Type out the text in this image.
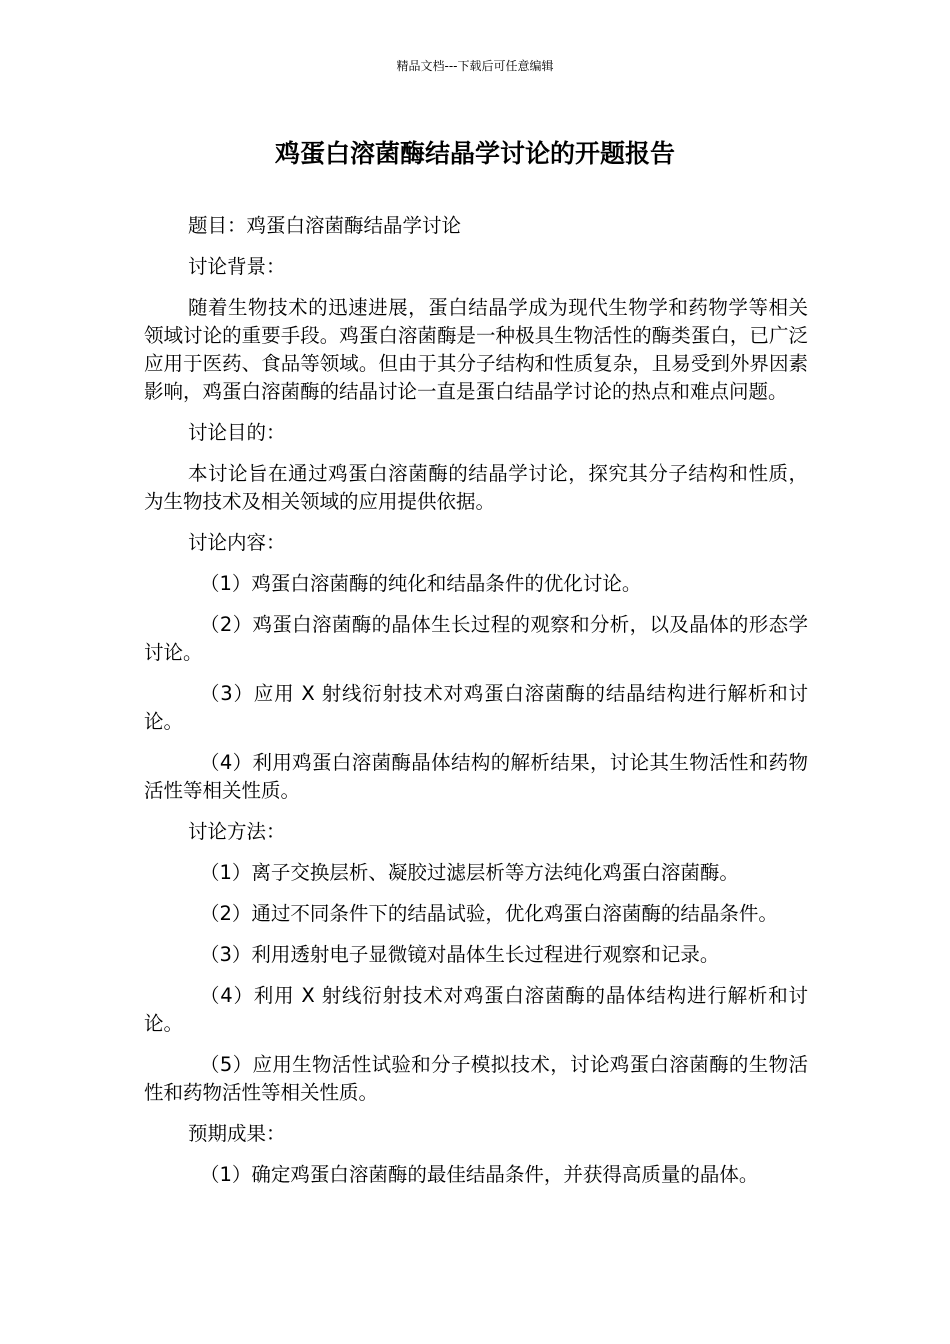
精品文档---下载后可任意编辑
鸡蛋白溶菌酶结晶学讨论的开题报告

题目：鸡蛋白溶菌酶结晶学讨论

讨论背景：

随着生物技术的迅速进展，蛋白结晶学成为现代生物学和药物学等相关领域讨论的重要手段。鸡蛋白溶菌酶是一种极具生物活性的酶类蛋白，已广泛应用于医药、食品等领域。但由于其分子结构和性质复杂，且易受到外界因素影响，鸡蛋白溶菌酶的结晶讨论一直是蛋白结晶学讨论的热点和难点问题。

讨论目的：

本讨论旨在通过鸡蛋白溶菌酶的结晶学讨论，探究其分子结构和性质，为生物技术及相关领域的应用提供依据。

讨论内容：

（1）鸡蛋白溶菌酶的纯化和结晶条件的优化讨论。

（2）鸡蛋白溶菌酶的晶体生长过程的观察和分析，以及晶体的形态学讨论。

（3）应用 X 射线衍射技术对鸡蛋白溶菌酶的结晶结构进行解析和讨论。

（4）利用鸡蛋白溶菌酶晶体结构的解析结果，讨论其生物活性和药物活性等相关性质。

讨论方法：

（1）离子交换层析、凝胶过滤层析等方法纯化鸡蛋白溶菌酶。

（2）通过不同条件下的结晶试验，优化鸡蛋白溶菌酶的结晶条件。

（3）利用透射电子显微镜对晶体生长过程进行观察和记录。

（4）利用 X 射线衍射技术对鸡蛋白溶菌酶的晶体结构进行解析和讨论。

（5）应用生物活性试验和分子模拟技术，讨论鸡蛋白溶菌酶的生物活性和药物活性等相关性质。

预期成果：

（1）确定鸡蛋白溶菌酶的最佳结晶条件，并获得高质量的晶体。
